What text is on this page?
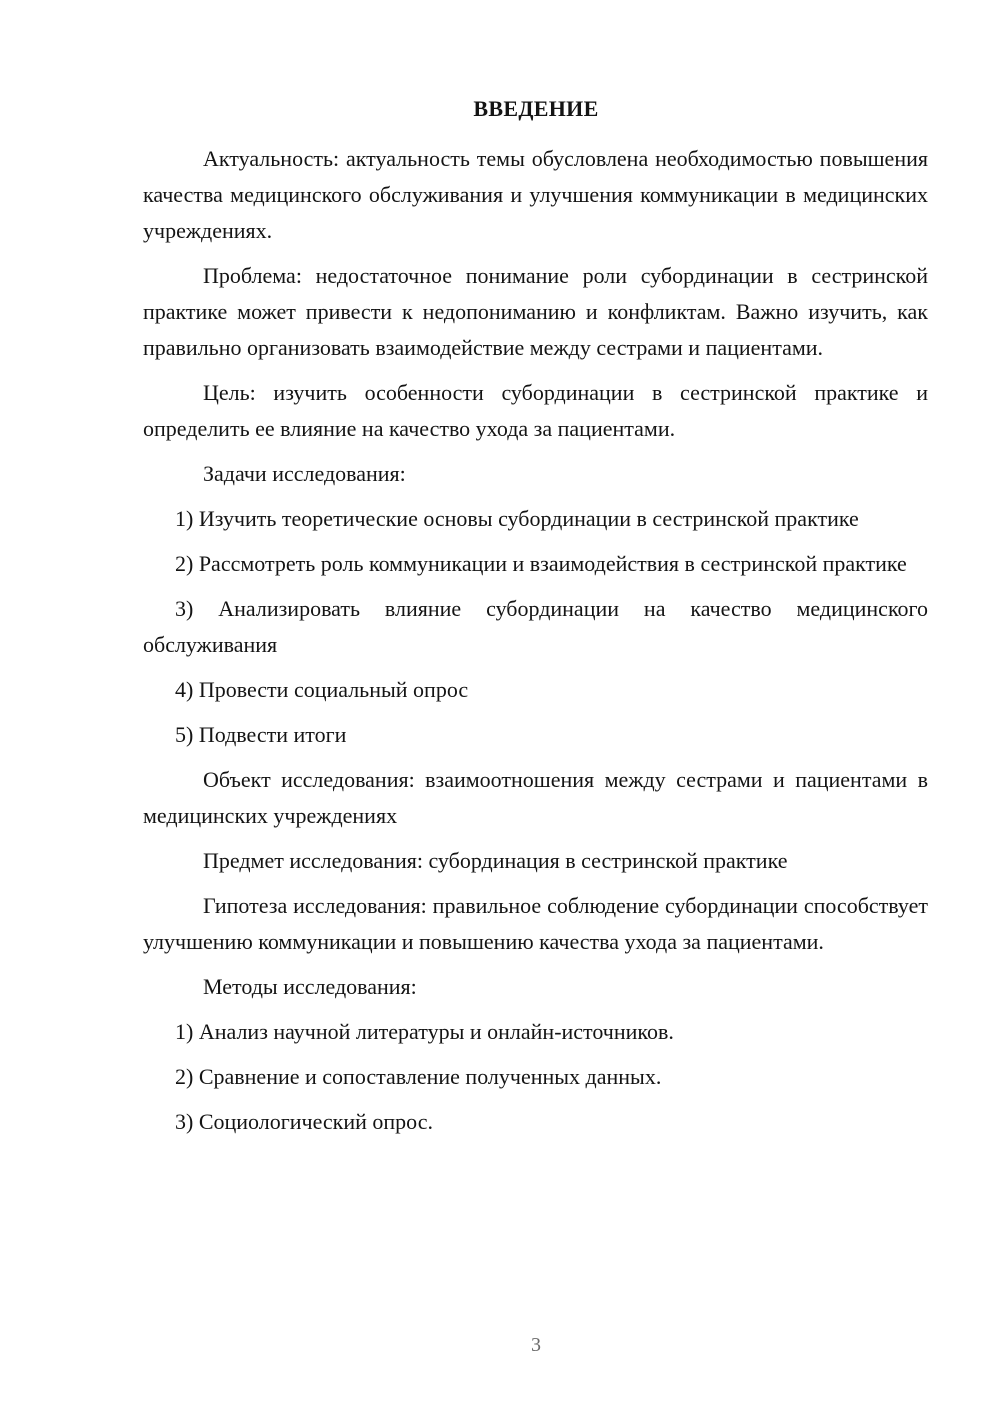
ВВЕДЕНИЕ

Актуальность: актуальность темы обусловлена необходимостью повышения качества медицинского обслуживания и улучшения коммуникации в медицинских учреждениях.

Проблема: недостаточное понимание роли субординации в сестринской практике может привести к недопониманию и конфликтам. Важно изучить, как правильно организовать взаимодействие между сестрами и пациентами.

Цель: изучить особенности субординации в сестринской практике и определить ее влияние на качество ухода за пациентами.

Задачи исследования:

1) Изучить теоретические основы субординации в сестринской практике

2) Рассмотреть роль коммуникации и взаимодействия в сестринской практике

3) Анализировать влияние субординации на качество медицинского обслуживания

4) Провести социальный опрос

5) Подвести итоги

Объект исследования: взаимоотношения между сестрами и пациентами в медицинских учреждениях

Предмет исследования: субординация в сестринской практике

Гипотеза исследования: правильное соблюдение субординации способствует улучшению коммуникации и повышению качества ухода за пациентами.

Методы исследования:

1) Анализ научной литературы и онлайн-источников.

2) Сравнение и сопоставление полученных данных.

3) Социологический опрос.

3
